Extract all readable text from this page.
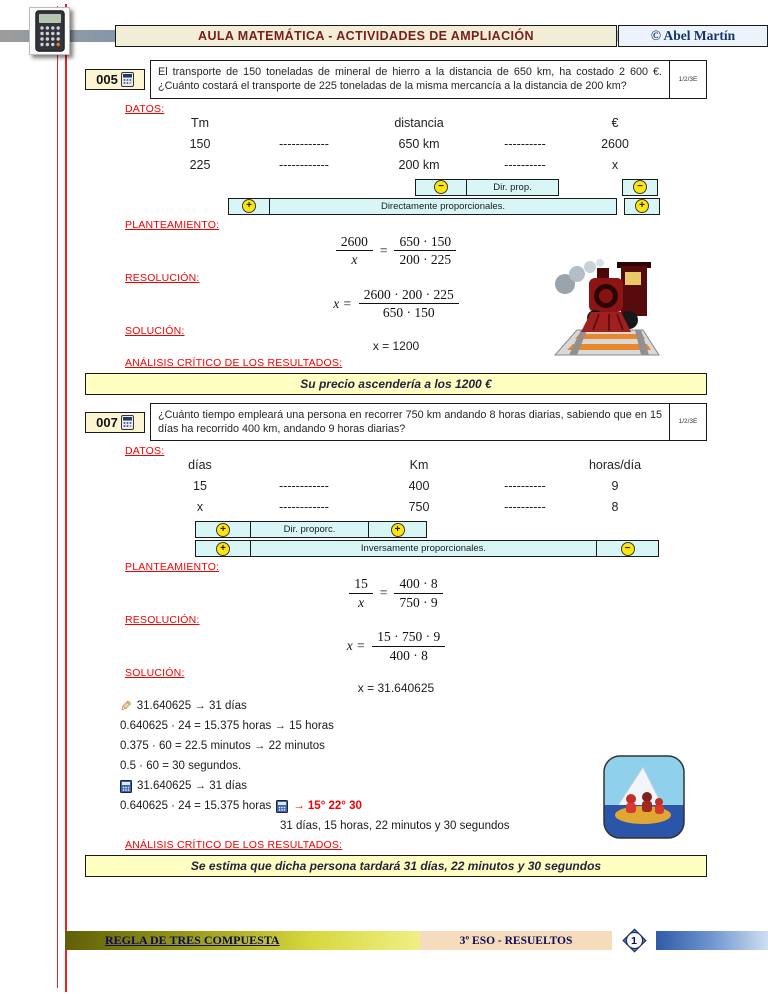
AULA MATEMÁTICA - ACTIVIDADES DE AMPLIACIÓN	© Abel Martín
005	El transporte de 150 toneladas de mineral de hierro a la distancia de 650 km, ha costado 2 600 €. ¿Cuánto costará el transporte de 225 toneladas de la misma mercancía a la distancia de 200 km?
1/2/3E
DATOS:
Tm	distancia	€
150	------------	650 km	----------	2600
225	------------	200 km	----------	x
−	Dir. prop.	−
+	Directamente proporcionales.	+
PLANTEAMIENTO:
$\frac{2600}{x} = \frac{650 \cdot 150}{200 \cdot 225}$
RESOLUCIÓN:
$x = \frac{2600 \cdot 200 \cdot 225}{650 \cdot 150}$
SOLUCIÓN:
x = 1200
ANÁLISIS CRÍTICO DE LOS RESULTADOS:
Su precio ascendería a los 1200 €
007	¿Cuánto tiempo empleará una persona en recorrer 750 km andando 8 horas diarias, sabiendo que en 15 días ha recorrido 400 km, andando 9 horas diarias?
1/2/3E
DATOS:
días	Km	horas/día
15	------------	400	----------	9
x	------------	750	----------	8
+	Dir. proporc.	+
+	Inversamente proporcionales.	−
PLANTEAMIENTO:
$\frac{15}{x} = \frac{400 \cdot 8}{750 \cdot 9}$
RESOLUCIÓN:
$x = \frac{15 \cdot 750 \cdot 9}{400 \cdot 8}$
SOLUCIÓN:
x = 31.640625
✎ 31.640625 → 31 días
0.640625 · 24 = 15.375 horas → 15 horas
0.375 · 60 = 22.5 minutos → 22 minutos
0.5 · 60 = 30 segundos.
31.640625 → 31 días
0.640625 · 24 = 15.375 horas → 15° 22° 30
31 días, 15 horas, 22 minutos y 30 segundos
ANÁLISIS CRÍTICO DE LOS RESULTADOS:
Se estima que dicha persona tardará 31 días, 22 minutos y 30 segundos
REGLA DE TRES COMPUESTA	3º ESO - RESUELTOS	1
